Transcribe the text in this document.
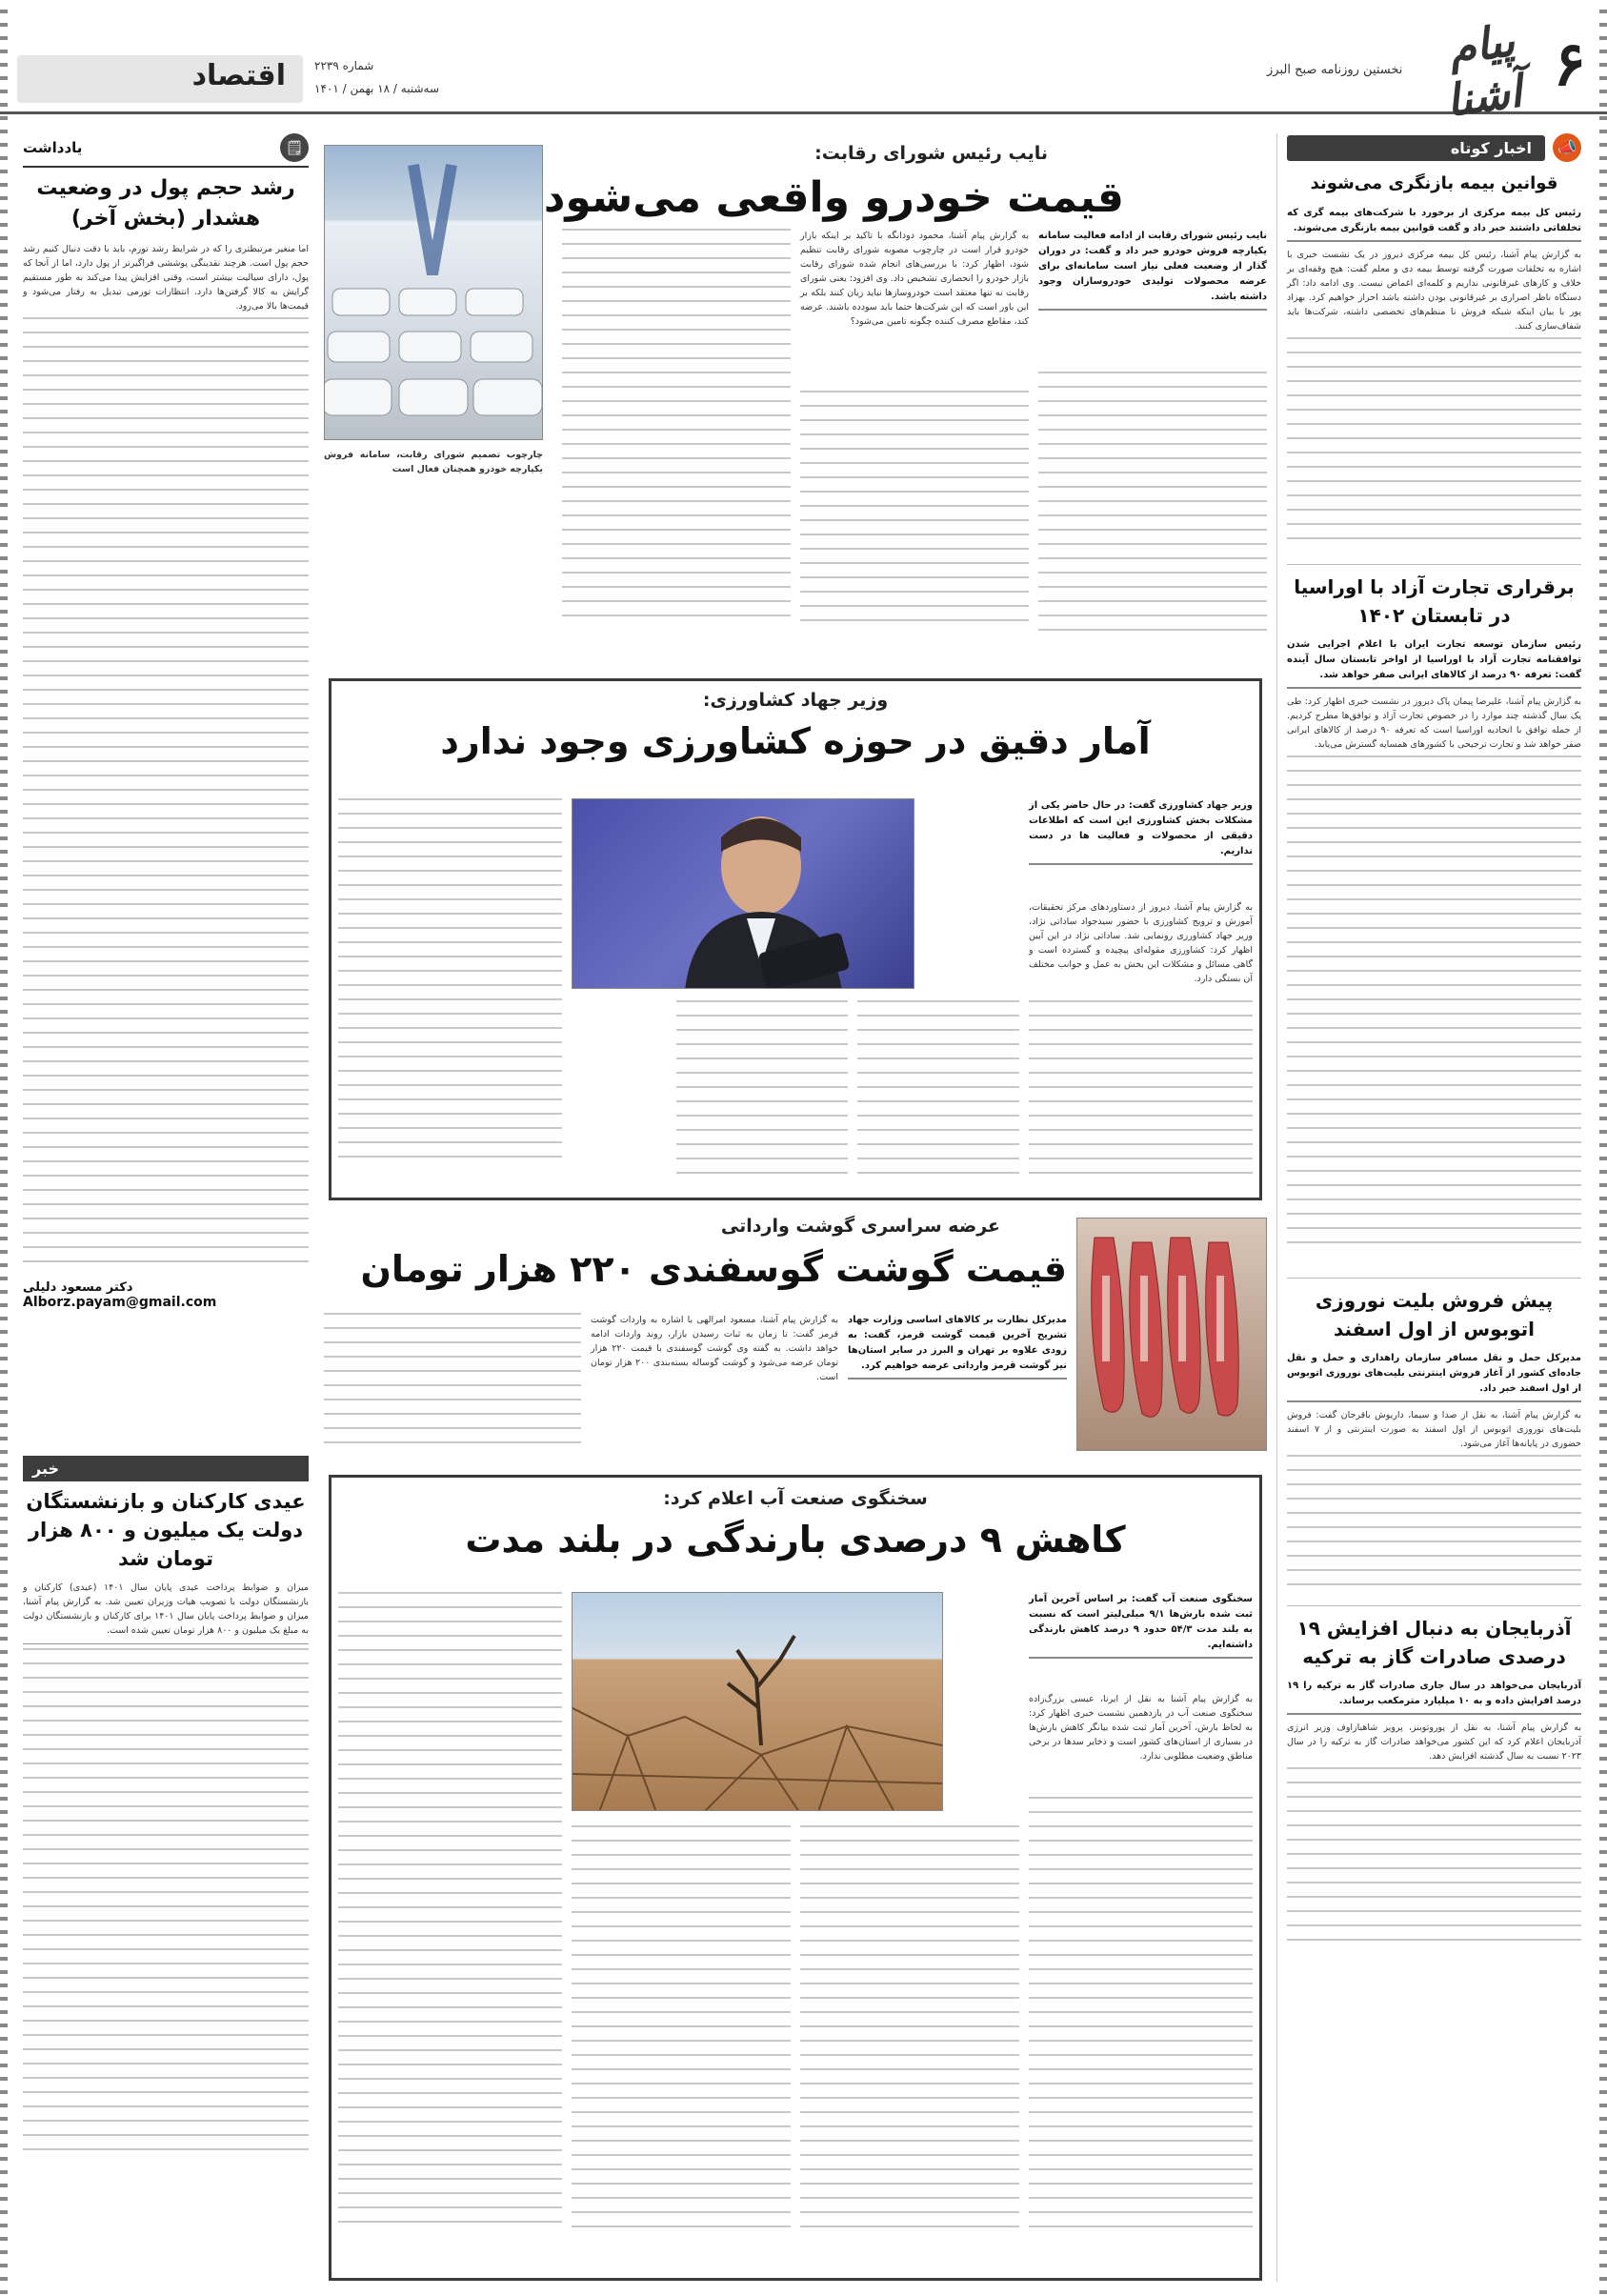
۶
پیام آشنا
نخستین روزنامه صبح البرز
شماره ۲۲۳۹
سه‌شنبه / ۱۸ بهمن / ۱۴۰۱
اقتصاد
📣
اخبار کوتاه
قوانین بیمه بازنگری می‌شوند
رئیس کل بیمه مرکزی از برخورد با شرکت‌های بیمه گری که تخلفاتی داشتند خبر داد و گفت قوانین بیمه بازنگری می‌شوند.
به گزارش پیام آشنا، رئیس کل بیمه مرکزی دیروز در یک نشست خبری با اشاره به تخلفات صورت گرفته توسط بیمه دی و معلم گفت: هیچ وقفه‌ای بر خلاف و کارهای غیرقانونی نداریم و کلمه‌ای اغماض نیست. وی ادامه داد: اگر دستگاه ناظر اصراری بر غیرقانونی بودن داشته باشد احراز خواهیم کرد. بهزاد پور با بیان اینکه شبکه فروش نا منظم‌های تخصصی داشته، شرکت‌ها باید شفاف‌سازی کنند.
برقراری تجارت آزاد با اوراسیا در تابستان ۱۴۰۲
رئیس سازمان توسعه تجارت ایران با اعلام اجرایی شدن توافقنامه تجارت آزاد با اوراسیا از اواخر تابستان سال آینده گفت: تعرفه ۹۰ درصد از کالاهای ایرانی صفر خواهد شد.
به گزارش پیام آشنا، علیرضا پیمان پاک دیروز در نشست خبری اظهار کرد: طی یک سال گذشته چند موارد را در خصوص تجارت آزاد و توافق‌ها مطرح کردیم. از جمله توافق با اتحادیه اوراسیا است که تعرفه ۹۰ درصد از کالاهای ایرانی صفر خواهد شد و تجارت ترجیحی با کشورهای همسایه گسترش می‌یابد.
پیش فروش بلیت نوروزی اتوبوس از اول اسفند
مدیرکل حمل و نقل مسافر سازمان راهداری و حمل و نقل جاده‌ای کشور از آغاز فروش اینترنتی بلیت‌های نوروزی اتوبوس از اول اسفند خبر داد.
به گزارش پیام آشنا، به نقل از صدا و سیما، داریوش باقرجان گفت: فروش بلیت‌های نوروزی اتوبوس از اول اسفند به صورت اینترنتی و از ۷ اسفند حضوری در پایانه‌ها آغاز می‌شود.
آذربایجان به دنبال افزایش ۱۹ درصدی صادرات گاز به ترکیه
آذربایجان می‌خواهد در سال جاری صادرات گاز به ترکیه را ۱۹ درصد افزایش داده و به ۱۰ میلیارد مترمکعب برساند.
به گزارش پیام آشنا، به نقل از پوروتوبنز، پرویز شاهبازاوف وزیر انرژی آذربایجان اعلام کرد که این کشور می‌خواهد صادرات گاز به ترکیه را در سال ۲۰۲۳ نسبت به سال گذشته افزایش دهد.
🗒
یادداشت
رشد حجم پول در وضعیت هشدار (بخش آخر)
اما منغیر مرتبطتری را که در شرایط رشد تورم، باید با دقت دنبال کنیم رشد حجم پول است. هرچند نقدینگی پوششی فراگیرتر از پول دارد، اما از آنجا که پول، دارای سیالیت بیشتر است، وقتی افزایش پیدا می‌کند به طور مستقیم گرایش به کالا گرفتن‌ها دارد. انتظارات تورمی تبدیل به رفتار می‌شود و قیمت‌ها بالا می‌رود.
دکتر مسعود دلیلی
Alborz.payam@gmail.com
خبر
عیدی کارکنان و بازنشستگان دولت یک میلیون و ۸۰۰ هزار تومان شد
میزان و ضوابط پرداخت عیدی پایان سال ۱۴۰۱ (عیدی) کارکنان و بازنشستگان دولت با تصویب هیات وزیران تعیین شد. به گزارش پیام آشنا، میزان و ضوابط پرداخت پایان سال ۱۴۰۱ برای کارکنان و بازنشستگان دولت به مبلغ یک میلیون و ۸۰۰ هزار تومان تعیین شده است.
نایب رئیس شورای رقابت:
قیمت خودرو واقعی می‌شود
چارچوب تصمیم شورای رقابت، سامانه فروش یکپارچه خودرو همچنان فعال است
نایب رئیس شورای رقابت از ادامه فعالیت سامانه یکپارچه فروش خودرو خبر داد و گفت: در دوران گذار از وضعیت فعلی نیاز است سامانه‌ای برای عرضه محصولات تولیدی خودروسازان وجود داشته باشد.
به گزارش پیام آشنا، محمود دودانگه با تاکید بر اینکه بازار خودرو قرار است در چارچوب مصوبه شورای رقابت تنظیم شود، اظهار کرد: با بررسی‌های انجام شده شورای رقابت بازار خودرو را انحصاری تشخیص داد. وی افزود: یعنی شورای رقابت نه تنها معتقد است خودروسازها نباید زیان کنند بلکه بر این باور است که این شرکت‌ها حتما باید سودده باشند. عرضه کند، مقاطع مصرف کننده چگونه تامین می‌شود؟
وزیر جهاد کشاورزی:
آمار دقیق در حوزه کشاورزی وجود ندارد
وزیر جهاد کشاورزی گفت: در حال حاضر یکی از مشکلات بخش کشاورزی این است که اطلاعات دقیقی از محصولات و فعالیت ها در دست نداریم.
به گزارش پیام آشنا، دیروز از دستاوردهای مرکز تحقیقات، آموزش و ترویج کشاورزی با حضور سیدجواد ساداتی نژاد، وزیر جهاد کشاورزی رونمایی شد. ساداتی نژاد در این آیین اظهار کرد: کشاورزی مقوله‌ای پیچیده و گسترده است و گاهی مسائل و مشکلات این بخش به عمل و جوانب مختلف آن بستگی دارد.
عرضه سراسری گوشت وارداتی
قیمت گوشت گوسفندی ۲۲۰ هزار تومان
مدیرکل نظارت بر کالاهای اساسی وزارت جهاد تشریح آخرین قیمت گوشت قرمز، گفت: به زودی علاوه بر تهران و البرز در سایر استان‌ها نیز گوشت قرمز وارداتی عرضه خواهیم کرد.
به گزارش پیام آشنا، مسعود امرالهی با اشاره به واردات گوشت قرمز گفت: تا زمان به ثبات رسیدن بازار، روند واردات ادامه خواهد داشت. به گفته وی گوشت گوسفندی با قیمت ۲۲۰ هزار تومان عرضه می‌شود و گوشت گوساله بسته‌بندی ۲۰۰ هزار تومان است.
سخنگوی صنعت آب اعلام کرد:
کاهش ۹ درصدی بارندگی در بلند مدت
سخنگوی صنعت آب گفت: بر اساس آخرین آمار ثبت شده بارش‌ها ۹/۱ میلی‌لیتر است که نسبت به بلند مدت ۵۴/۳ حدود ۹ درصد کاهش بارندگی داشته‌ایم.
به گزارش پیام آشنا به نقل از ایرنا، عیسی بزرگ‌زاده سخنگوی صنعت آب در یازدهمین نشست خبری اظهار کرد: به لحاظ بارش، آخرین آمار ثبت شده بیانگر کاهش بارش‌ها در بسیاری از استان‌های کشور است و ذخایر سدها در برخی مناطق وضعیت مطلوبی ندارد.
